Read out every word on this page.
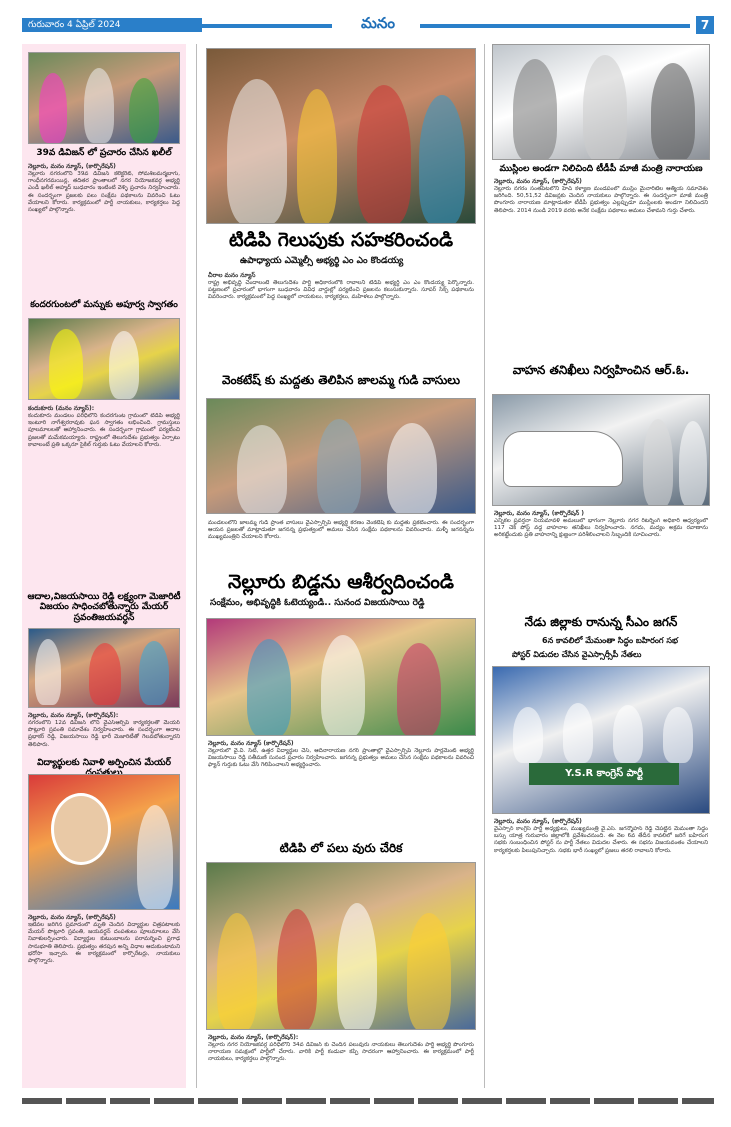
గురువారం 4 ఏప్రిల్ 2024	మనం	7
39వ డివిజన్ లో ప్రచారం చేసిన ఖలీల్
నెల్లూరు, మనం న్యూస్, (కార్పొరేషన్)
నెల్లూరు నగరంలోని 39వ డివిజన్ కలెక్టరేట్, సోమశిలమర్మబాగు, గాంధీనగరమయిన్ల, తదితర ప్రాంతాలలో నగర నియోజకవర్గ అభ్యర్థి ఎండీ ఖలీల్ అహ్మద్ బుధవారం ఇంటింటి వెళ్ళి ప్రచారం నిర్వహించారు. ఈ సందర్భంగా ప్రజలకు పలు సంక్షేమ పథకాలను వివరించి ఓటు వేయాలని కోరారు. కార్యక్రమంలో పార్టీ నాయకులు, కార్యకర్తలు పెద్ద సంఖ్యలో పాల్గొన్నారు.
కందరగుంటలో మన్నుకు అపూర్వ స్వాగతం
కందుకూరు (మనం న్యూస్):
కందుకూరు మండలం పరిధిలోని కందరగుంట గ్రామంలో టీడీపీ అభ్యర్థి ఇంటూరి నాగేశ్వరరావుకు ఘన స్వాగతం లభించింది. గ్రామస్తులు పూలమాలలతో ఆహ్వానించారు. ఈ సందర్భంగా గ్రామంలో పర్యటించి ప్రజలతో మమేకమయ్యారు. రాష్ట్రంలో తెలుగుదేశం ప్రభుత్వం ఏర్పాటు కావాలంటే ప్రతి ఒక్కరూ సైకిల్ గుర్తుకు ఓటు వేయాలని కోరారు.
ఆదాల,విజయసాయి రెడ్డి లక్ష్యంగా మెజారిటీ విజయం సాధించబోతున్నారు మేయర్ స్రవంతిజయవర్ధన్
నెల్లూరు, మనం న్యూస్, (కార్పొరేషన్):
నగరంలోని 12వ డివిజన్ లోని వైఎస్ఆర్సీపీ కార్యకర్తలతో మేయర్ పొట్లూరి స్రవంతి సమావేశం నిర్వహించారు. ఈ సందర్భంగా ఆదాల ప్రభాకర్ రెడ్డి, విజయసాయి రెడ్డి భారీ మెజారిటీతో గెలవబోతున్నారని తెలిపారు.
విద్యార్థులకు నివాళి అర్పించిన మేయర్
నెల్లూరు, మనం న్యూస్, (కార్పొరేషన్)
ఇటీవల జరిగిన ప్రమాదంలో మృతి చెందిన విద్యార్థుల చిత్రపటాలకు మేయర్ పొట్లూరి స్రవంతి, జయవర్ధన్ దంపతులు పూలమాలలు వేసి నివాళులర్పించారు. విద్యార్థుల కుటుంబాలను పరామర్శించి ప్రగాఢ సానుభూతి తెలిపారు. ప్రభుత్వం తరపున అన్ని విధాల ఆదుకుంటామని భరోసా ఇచ్చారు. ఈ కార్యక్రమంలో కార్పొరేటర్లు, నాయకులు పాల్గొన్నారు.
టిడిపి గెలుపుకు సహకరించండి
ఉపాధ్యాయ ఎమ్మెల్సీ అభ్యర్థి ఎం ఎం కొండయ్య
చీరాల మనం న్యూస్
రాష్ట్ర అభివృద్ధి చెందాలంటే తెలుగుదేశం పార్టీ అధికారంలోకి రావాలని టీడీపీ అభ్యర్థి ఎం ఎం కొండయ్య పేర్కొన్నారు. పట్టణంలో ప్రచారంలో భాగంగా బుధవారం వివిధ వార్డుల్లో పర్యటించి ప్రజలను కలుసుకున్నారు. సూపర్ సిక్స్ పథకాలను వివరించారు. కార్యక్రమంలో పెద్ద సంఖ్యలో నాయకులు, కార్యకర్తలు, మహిళలు పాల్గొన్నారు.
వెంకటేష్ కు మద్దతు తెలిపిన జాలమ్మ గుడి వాసులు
మండలంలోని జాలమ్మ గుడి ప్రాంత వాసులు వైఎస్సార్సీపీ అభ్యర్థి కరణం వెంకటేష్ కు మద్దతు ప్రకటించారు. ఈ సందర్భంగా ఆయన ప్రజలతో మాట్లాడుతూ జగనన్న ప్రభుత్వంలో అమలు చేసిన సంక్షేమ పథకాలను వివరించారు. మళ్ళీ జగనన్నను ముఖ్యమంత్రిని చేయాలని కోరారు.
నెల్లూరు బిడ్డను ఆశీర్వదించండి
సంక్షేమం, అభివృద్ధికి ఓటెయ్యండి.. సునంద విజయసాయి రెడ్డి
నెల్లూరు, మనం న్యూస్ (కార్పొరేషన్)
నెల్లూరులో వై.వి. సిటీ, ఉత్తర విద్యార్థుల చేస్, ఆదినారాయణ నగర్ ప్రాంతాల్లో వైఎస్సార్సీపీ నెల్లూరు పార్లమెంట్ అభ్యర్థి విజయసాయి రెడ్డి సతీమణి సునంద ప్రచారం నిర్వహించారు. జగనన్న ప్రభుత్వం అమలు చేసిన సంక్షేమ పథకాలను వివరించి ఫ్యాన్ గుర్తుకు ఓటు వేసి గెలిపించాలని అభ్యర్థించారు.
టిడిపి లో పలు వురు చేరిక
నెల్లూరు, మనం న్యూస్, (కార్పొరేషన్):
నెల్లూరు నగర నియోజకవర్గ పరిధిలోని 34వ డివిజన్ కు చెందిన పలువురు నాయకులు తెలుగుదేశం పార్టీ అభ్యర్థి పొంగూరు నారాయణ సమక్షంలో పార్టీలో చేరారు. వారికి పార్టీ కండువా కప్పి సాదరంగా ఆహ్వానించారు. ఈ కార్యక్రమంలో పార్టీ నాయకులు, కార్యకర్తలు పాల్గొన్నారు.
ముస్లింల అండగా నిలిచింది టీడీపీ మాజీ మంత్రి నారాయణ
నెల్లూరు, మనం న్యూస్, (కార్పొరేషన్)
నెల్లూరు నగరం సంతపేటలోని హెచ్ కళ్యాణ మండపంలో ముస్లిం మైనారిటీల ఆత్మీయ సమావేశం జరిగింది. 50,51,52 డివిజన్లకు చెందిన నాయకులు పాల్గొన్నారు. ఈ సందర్భంగా మాజీ మంత్రి పొంగూరు నారాయణ మాట్లాడుతూ టీడీపీ ప్రభుత్వం ఎల్లప్పుడూ ముస్లింలకు అండగా నిలిచిందని తెలిపారు. 2014 నుండి 2019 వరకు అనేక సంక్షేమ పథకాలు అమలు చేశామని గుర్తు చేశారు.
వాహన తనిఖీలు నిర్వహించిన ఆర్.ఓ.
నెల్లూరు, మనం న్యూస్, (కార్పొరేషన్ )
ఎన్నికల ప్రవర్తనా నియమావళి అమలులో భాగంగా నెల్లూరు నగర రిటర్నింగ్ అధికారి ఆధ్వర్యంలో 117 చెక్ పోస్ట్ వద్ద వాహనాల తనిఖీలు నిర్వహించారు. నగదు, మద్యం అక్రమ రవాణాను అరికట్టేందుకు ప్రతి వాహనాన్ని క్షుణ్ణంగా పరిశీలించాలని సిబ్బందికి సూచించారు.
నేడు జిల్లాకు రానున్న సీఎం జగన్
6న కావలిలో మేమంతా సిద్ధం బహిరంగ సభ
పోస్టర్ విడుదల చేసిన వైఎస్సార్సీపీ నేతలు
Y.S.R కాంగ్రెస్ పార్టీ
నెల్లూరు, మనం న్యూస్, (కార్పొరేషన్)
వైఎస్సార్ కాంగ్రెస్ పార్టీ అధ్యక్షులు, ముఖ్యమంత్రి వై.ఎస్. జగన్మోహన్ రెడ్డి చేపట్టిన మేమంతా సిద్ధం బస్సు యాత్ర గురువారం జిల్లాలోకి ప్రవేశించనుంది. ఈ నెల 6వ తేదీన కావలిలో జరిగే బహిరంగ సభకు సంబంధించిన పోస్టర్ ను పార్టీ నేతలు విడుదల చేశారు. ఈ సభను విజయవంతం చేయాలని కార్యకర్తలకు పిలుపునిచ్చారు. సభకు భారీ సంఖ్యలో ప్రజలు తరలి రావాలని కోరారు.
